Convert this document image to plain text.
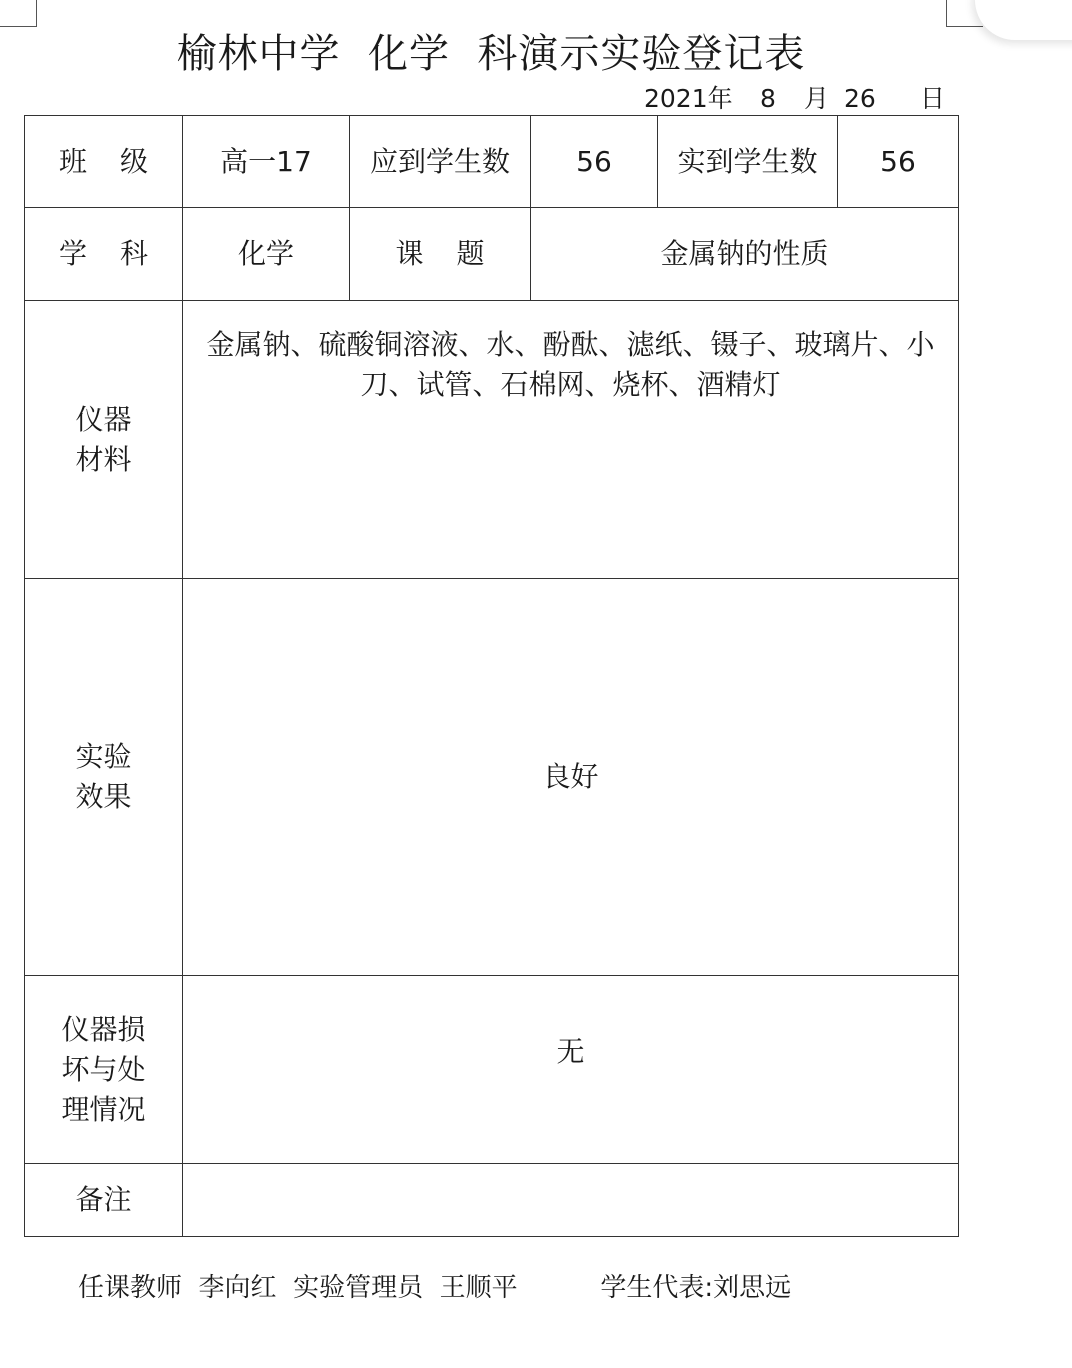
榆林中学  化学  科演示实验登记表
2021年 8 月 26 日
班 级	高一17	应到学生数	56	实到学生数	56
学 科	化学	课 题	金属钠的性质		

仪器
材料	金属钠、硫酸铜溶液、水、酚酞、滤纸、镊子、玻璃片、小刀、试管、石棉网、烧杯、酒精灯				

实验
效果	良好				

仪器损
坏与处
理情况	无				
备注					
任课教师 李向红 实验管理员 王顺平	学生代表:刘思远
